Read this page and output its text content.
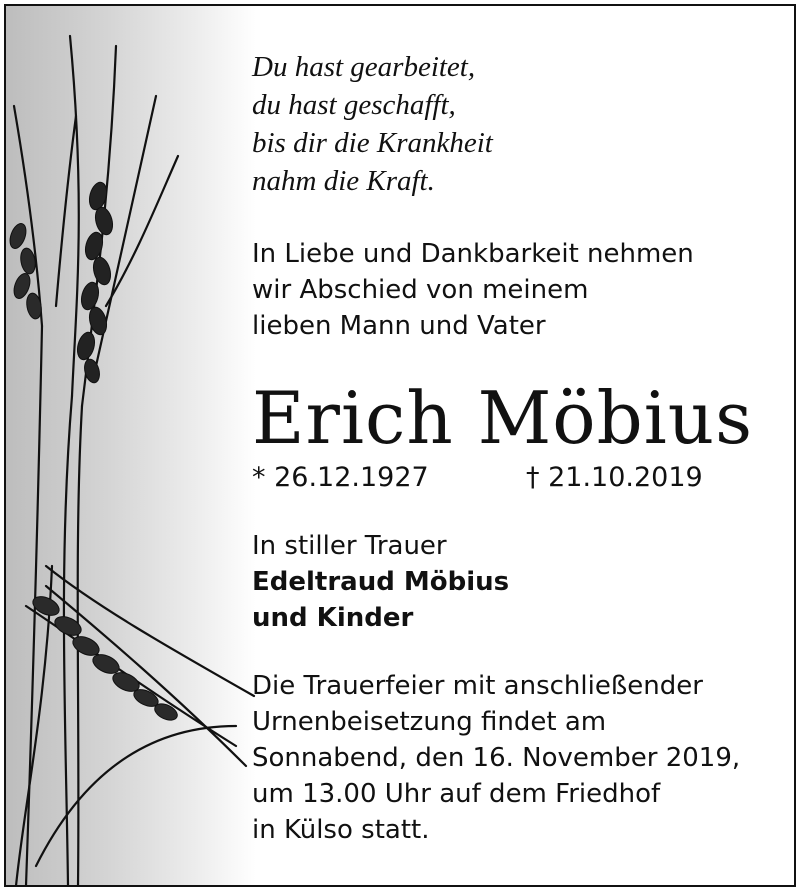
Du hast gearbeitet,
du hast geschafft,
bis dir die Krankheit
nahm die Kraft.
In Liebe und Dankbarkeit nehmen
wir Abschied von meinem
lieben Mann und Vater
Erich Möbius
* 26.12.1927	† 21.10.2019
In stiller Trauer
Edeltraud Möbius
und Kinder
Die Trauerfeier mit anschließender
Urnenbeisetzung findet am
Sonnabend, den 16. November 2019,
um 13.00 Uhr auf dem Friedhof
in Külso statt.
